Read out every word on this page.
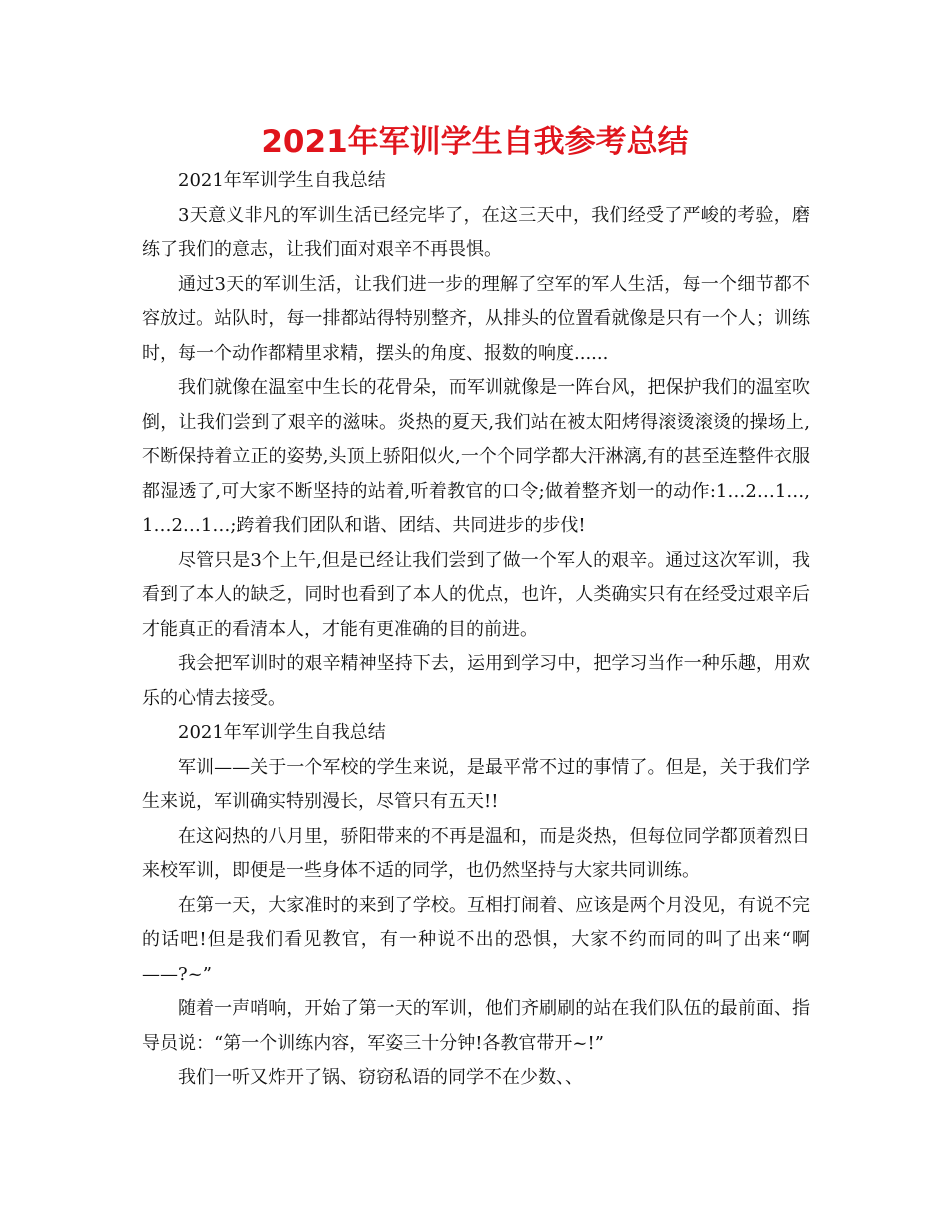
2021年军训学生自我参考总结

2021年军训学生自我总结

3天意义非凡的军训生活已经完毕了，在这三天中，我们经受了严峻的考验，磨练了我们的意志，让我们面对艰辛不再畏惧。

通过3天的军训生活，让我们进一步的理解了空军的军人生活，每一个细节都不容放过。站队时，每一排都站得特别整齐，从排头的位置看就像是只有一个人；训练时，每一个动作都精里求精，摆头的角度、报数的响度......

我们就像在温室中生长的花骨朵，而军训就像是一阵台风，把保护我们的温室吹倒，让我们尝到了艰辛的滋味。炎热的夏天,我们站在被太阳烤得滚烫滚烫的操场上,不断保持着立正的姿势,头顶上骄阳似火,一个个同学都大汗淋漓,有的甚至连整件衣服都湿透了,可大家不断坚持的站着,听着教官的口令;做着整齐划一的动作:1…2…1…,1…2…1…;跨着我们团队和谐、团结、共同进步的步伐!

尽管只是3个上午,但是已经让我们尝到了做一个军人的艰辛。通过这次军训，我看到了本人的缺乏，同时也看到了本人的优点，也许，人类确实只有在经受过艰辛后才能真正的看清本人，才能有更准确的目的前进。

我会把军训时的艰辛精神坚持下去，运用到学习中，把学习当作一种乐趣，用欢乐的心情去接受。

2021年军训学生自我总结

军训——关于一个军校的学生来说，是最平常不过的事情了。但是，关于我们学生来说，军训确实特别漫长，尽管只有五天!!

在这闷热的八月里，骄阳带来的不再是温和，而是炎热，但每位同学都顶着烈日来校军训，即便是一些身体不适的同学，也仍然坚持与大家共同训练。

在第一天，大家准时的来到了学校。互相打闹着、应该是两个月没见，有说不完的话吧!但是我们看见教官，有一种说不出的恐惧，大家不约而同的叫了出来“啊——?~”

随着一声哨响，开始了第一天的军训，他们齐刷刷的站在我们队伍的最前面、指导员说：“第一个训练内容，军姿三十分钟!各教官带开~!”

我们一听又炸开了锅、窃窃私语的同学不在少数、、
